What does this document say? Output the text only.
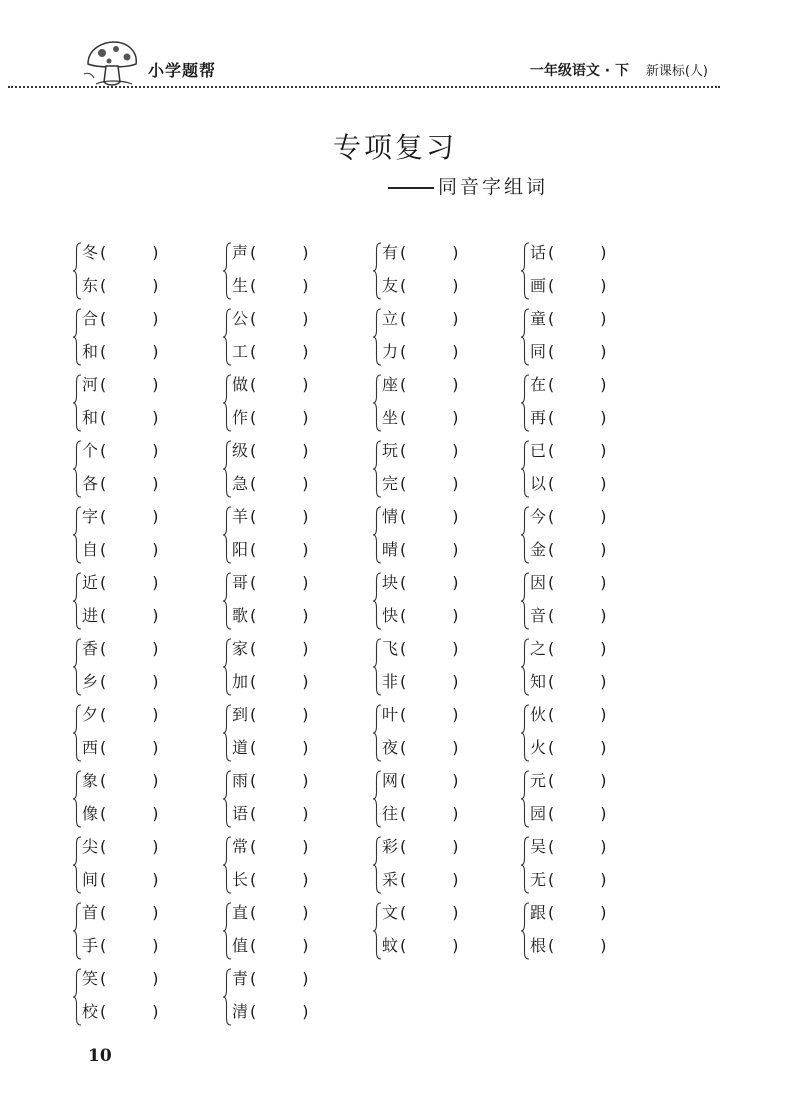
小学题帮	一年级语文 · 下 新课标(人)
专项复习
同音字组词
冬 (	)
东 (	)
声 (	)
生 (	)
有 (	)
友 (	)
话 (	)
画 (	)
合 (	)
和 (	)
公 (	)
工 (	)
立 (	)
力 (	)
童 (	)
同 (	)
河 (	)
和 (	)
做 (	)
作 (	)
座 (	)
坐 (	)
在 (	)
再 (	)
个 (	)
各 (	)
级 (	)
急 (	)
玩 (	)
完 (	)
已 (	)
以 (	)
字 (	)
自 (	)
羊 (	)
阳 (	)
情 (	)
晴 (	)
今 (	)
金 (	)
近 (	)
进 (	)
哥 (	)
歌 (	)
块 (	)
快 (	)
因 (	)
音 (	)
香 (	)
乡 (	)
家 (	)
加 (	)
飞 (	)
非 (	)
之 (	)
知 (	)
夕 (	)
西 (	)
到 (	)
道 (	)
叶 (	)
夜 (	)
伙 (	)
火 (	)
象 (	)
像 (	)
雨 (	)
语 (	)
网 (	)
往 (	)
元 (	)
园 (	)
尖 (	)
间 (	)
常 (	)
长 (	)
彩 (	)
采 (	)
吴 (	)
无 (	)
首 (	)
手 (	)
直 (	)
值 (	)
文 (	)
蚊 (	)
跟 (	)
根 (	)
笑 (	)
校 (	)
青 (	)
清 (	)
10
